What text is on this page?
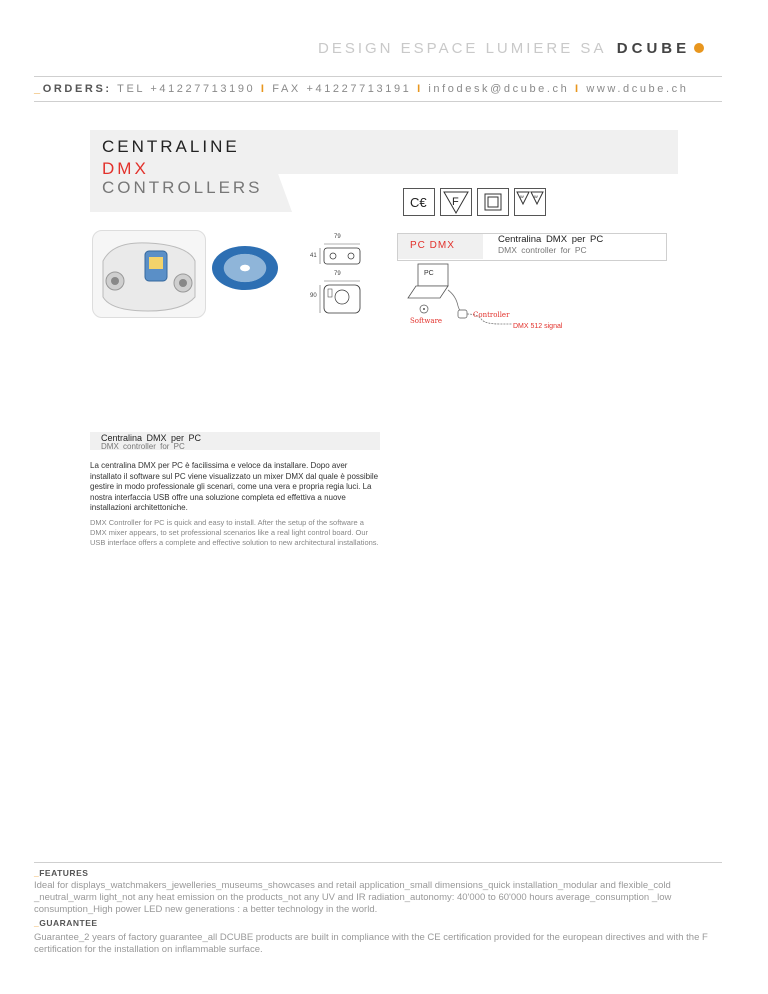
DESIGN ESPACE LUMIERE SA DCUBE
_ORDERS: TEL +41227713190 I FAX +41227713191 I infodesk@dcube.ch I www.dcube.ch
CENTRALINE
DMX
CONTROLLERS
C€ F	W	W
79
41
79
90
PC DMX
Centralina DMX per PC
DMX controller for PC
PC
Software
Controller
DMX 512 signal
Centralina DMX per PC
DMX controller for PC

La centralina DMX per PC è facilissima e veloce da installare. Dopo aver installato il software sul PC viene visualizzato un mixer DMX dal quale è possibile gestire in modo professionale gli scenari, come una vera e propria regia luci. La nostra interfaccia USB offre una soluzione completa ed effettiva a nuove installazioni architettoniche.

DMX Controller for PC is quick and easy to install. After the setup of the software a DMX mixer appears, to set professional scenarios like a real light control board. Our USB interface offers a complete and effective solution to new architectural installations.

_FEATURES

Ideal for displays_watchmakers_jewelleries_museums_showcases and retail application_small dimensions_quick installation_modular and flexible_cold _neutral_warm light_not any heat emission on the products_not any UV and IR radiation_autonomy: 40'000 to 60'000 hours average_consumption _low consumption_High power LED new generations : a better technology in the world.

_GUARANTEE

Guarantee_2 years of factory guarantee_all DCUBE products are built in compliance with the CE certification provided for the european directives and with the F certification for the installation on inflammable surface.
